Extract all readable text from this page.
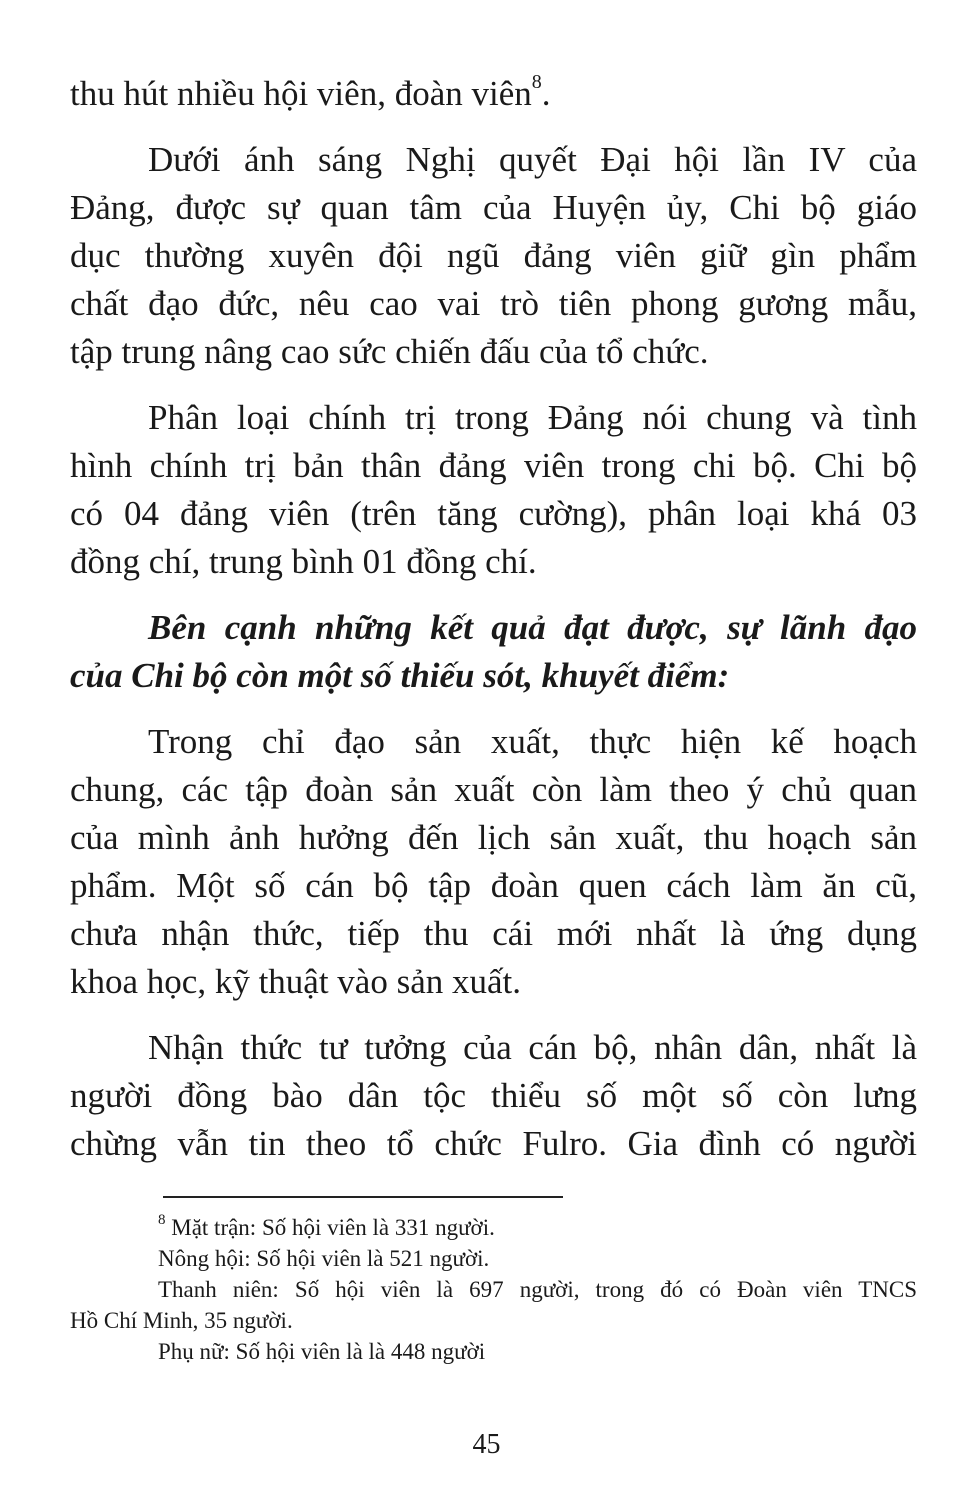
thu hút nhiều hội viên, đoàn viên$^8$.
Dưới ánh sáng Nghị quyết Đại hội lần IV của
Đảng, được sự quan tâm của Huyện ủy, Chi bộ giáo
dục thường xuyên đội ngũ đảng viên giữ gìn phẩm
chất đạo đức, nêu cao vai trò tiên phong gương mẫu,
tập trung nâng cao sức chiến đấu của tổ chức.
Phân loại chính trị trong Đảng nói chung và tình
hình chính trị bản thân đảng viên trong chi bộ. Chi bộ
có 04 đảng viên (trên tăng cường), phân loại khá 03
đồng chí, trung bình 01 đồng chí.
Bên cạnh những kết quả đạt được, sự lãnh đạo
của Chi bộ còn một số thiếu sót, khuyết điểm:
Trong chỉ đạo sản xuất, thực hiện kế hoạch
chung, các tập đoàn sản xuất còn làm theo ý chủ quan
của mình ảnh hưởng đến lịch sản xuất, thu hoạch sản
phẩm. Một số cán bộ tập đoàn quen cách làm ăn cũ,
chưa nhận thức, tiếp thu cái mới nhất là ứng dụng
khoa học, kỹ thuật vào sản xuất.
Nhận thức tư tưởng của cán bộ, nhân dân, nhất là
người đồng bào dân tộc thiểu số một số còn lưng
chừng vẫn tin theo tổ chức Fulro. Gia đình có người
$^8$ Mặt trận: Số hội viên là 331 người.
Nông hội: Số hội viên là 521 người.
Thanh niên: Số hội viên là 697 người, trong đó có Đoàn viên TNCS
Hồ Chí Minh, 35 người.
Phụ nữ: Số hội viên là là 448 người
45
